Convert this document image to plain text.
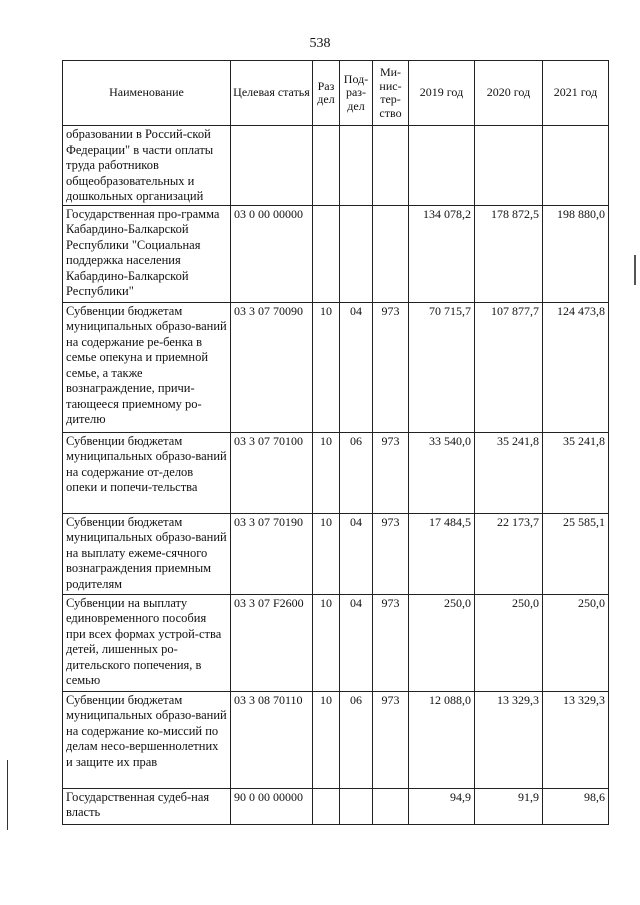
538
Наименование	Целевая статья	Раз дел	Под-раз-дел	Ми-нис-тер-ство	2019 год	2020 год	2021 год
образовании в Россий-ской Федерации" в части оплаты труда работников общеобразовательных и дошкольных организаций							
Государственная про-грамма Кабардино-Балкарской Республики "Социальная поддержка населения Кабардино-Балкарской Республики"	03 0 00 00000				134 078,2	178 872,5	198 880,0
Субвенции бюджетам муниципальных образо-ваний на содержание ре-бенка в семье опекуна и приемной семье, а также вознаграждение, причи-тающееся приемному ро-дителю	03 3 07 70090	10	04	973	70 715,7	107 877,7	124 473,8
Субвенции бюджетам муниципальных образо-ваний на содержание от-делов опеки и попечи-тельства	03 3 07 70100	10	06	973	33 540,0	35 241,8	35 241,8
Субвенции бюджетам муниципальных образо-ваний на выплату ежеме-сячного вознаграждения приемным родителям	03 3 07 70190	10	04	973	17 484,5	22 173,7	25 585,1
Субвенции на выплату единовременного пособия при всех формах устрой-ства детей, лишенных ро-дительского попечения, в семью	03 3 07 F2600	10	04	973	250,0	250,0	250,0
Субвенции бюджетам муниципальных образо-ваний на содержание ко-миссий по делам несо-вершеннолетних и защите их прав	03 3 08 70110	10	06	973	12 088,0	13 329,3	13 329,3
Государственная судеб-ная власть	90 0 00 00000				94,9	91,9	98,6
